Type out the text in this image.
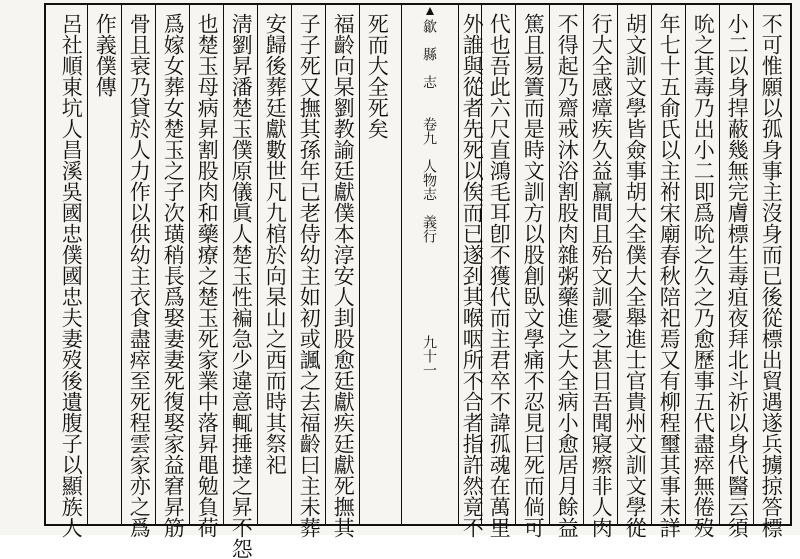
不可惟願以孤身事主沒身而已後從標出貿遇遂兵擄掠答標
小二以身捍蔽幾無完膚標生毒疽夜拜北斗祈以身代醫云須
吮之其毒乃出小二即爲吮之久之乃愈歷事五代盡瘁無倦歿
年七十五俞氏以主祔宋廟春秋陪祀焉又有柳程璽其事未詳
胡文訓文學皆僉事胡大全僕大全舉進士官貴州文訓文學從
行大全感瘴疾久益羸間且殆文訓憂之甚日吾聞寢瘵非人肉
不得起乃齋戒沐浴割股肉雜粥藥進之大全病小愈居月餘益
篤且易簀而是時文訓方以股創臥文學痛不忍見曰死而倘可
代也吾此六尺直鴻毛耳卽不獲代而主君卒不諱孤魂在萬里
外誰與從者先死以俟而已遂刭其喉咽所不合者指許然竟不
歙　縣　志
卷九　人物志　義行
九十一
死而大全死矣
福齡向杲劉教諭廷獻僕本淳安人刲股愈廷獻疾廷獻死撫其
子子死又撫其孫年已老侍幼主如初或諷之去福齡曰主未葬
安歸後葬廷獻數世凡九棺於向杲山之西而時其祭祀
淸劉昇潘楚玉僕原儀眞人楚玉性褊急少違意輒捶撻之昇不怨
也楚玉母病昇割股肉和藥療之楚玉死家業中落昇黽勉負荷
爲嫁女葬女楚玉之子次璜稍長爲娶妻妻死復娶家益窘昇筋
骨且衰乃貸於人力作以供幼主衣食盡瘁至死程雲家亦之爲
作義僕傳
呂社順東坑人昌溪吳國忠僕國忠夫妻歿後遺腹子以顯族人
